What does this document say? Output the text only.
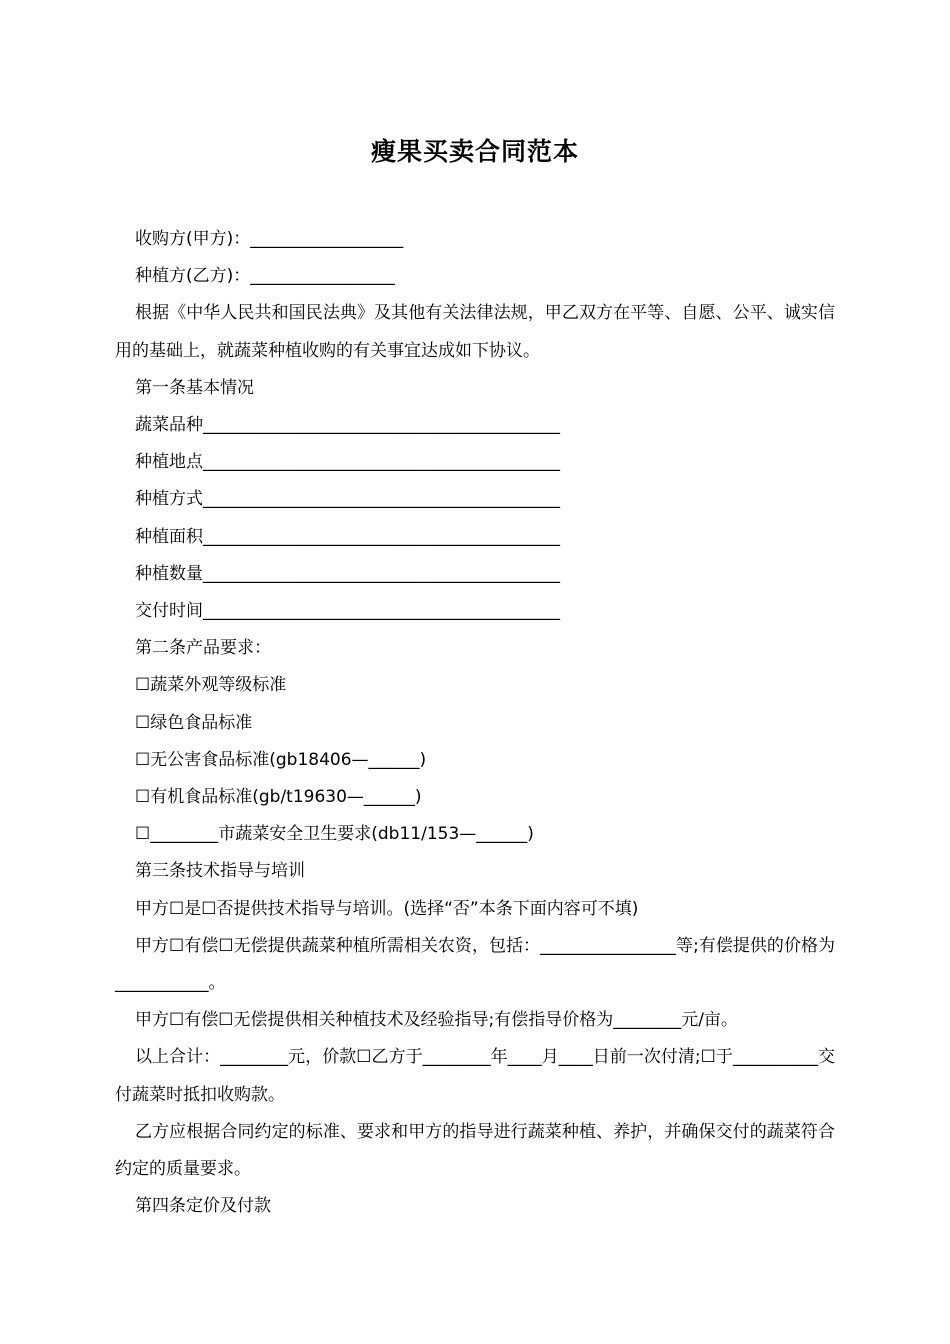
瘦果买卖合同范本
收购方(甲方)：__________________
种植方(乙方)：_________________
根据《中华人民共和国民法典》及其他有关法律法规，甲乙双方在平等、自愿、公平、诚实信用的基础上，就蔬菜种植收购的有关事宜达成如下协议。
第一条基本情况
蔬菜品种__________________________________________
种植地点__________________________________________
种植方式__________________________________________
种植面积__________________________________________
种植数量__________________________________________
交付时间__________________________________________
第二条产品要求：
☐蔬菜外观等级标准
☐绿色食品标准
☐无公害食品标准(gb18406—______)
☐有机食品标准(gb/t19630—______)
☐________市蔬菜安全卫生要求(db11/153—______)
第三条技术指导与培训
甲方☐是☐否提供技术指导与培训。(选择“否”本条下面内容可不填)
甲方☐有偿☐无偿提供蔬菜种植所需相关农资，包括：________________等;有偿提供的价格为___________。
甲方☐有偿☐无偿提供相关种植技术及经验指导;有偿指导价格为________元/亩。
以上合计：________元，价款☐乙方于________年____月____日前一次付清;☐于__________交付蔬菜时抵扣收购款。
乙方应根据合同约定的标准、要求和甲方的指导进行蔬菜种植、养护，并确保交付的蔬菜符合约定的质量要求。
第四条定价及付款
